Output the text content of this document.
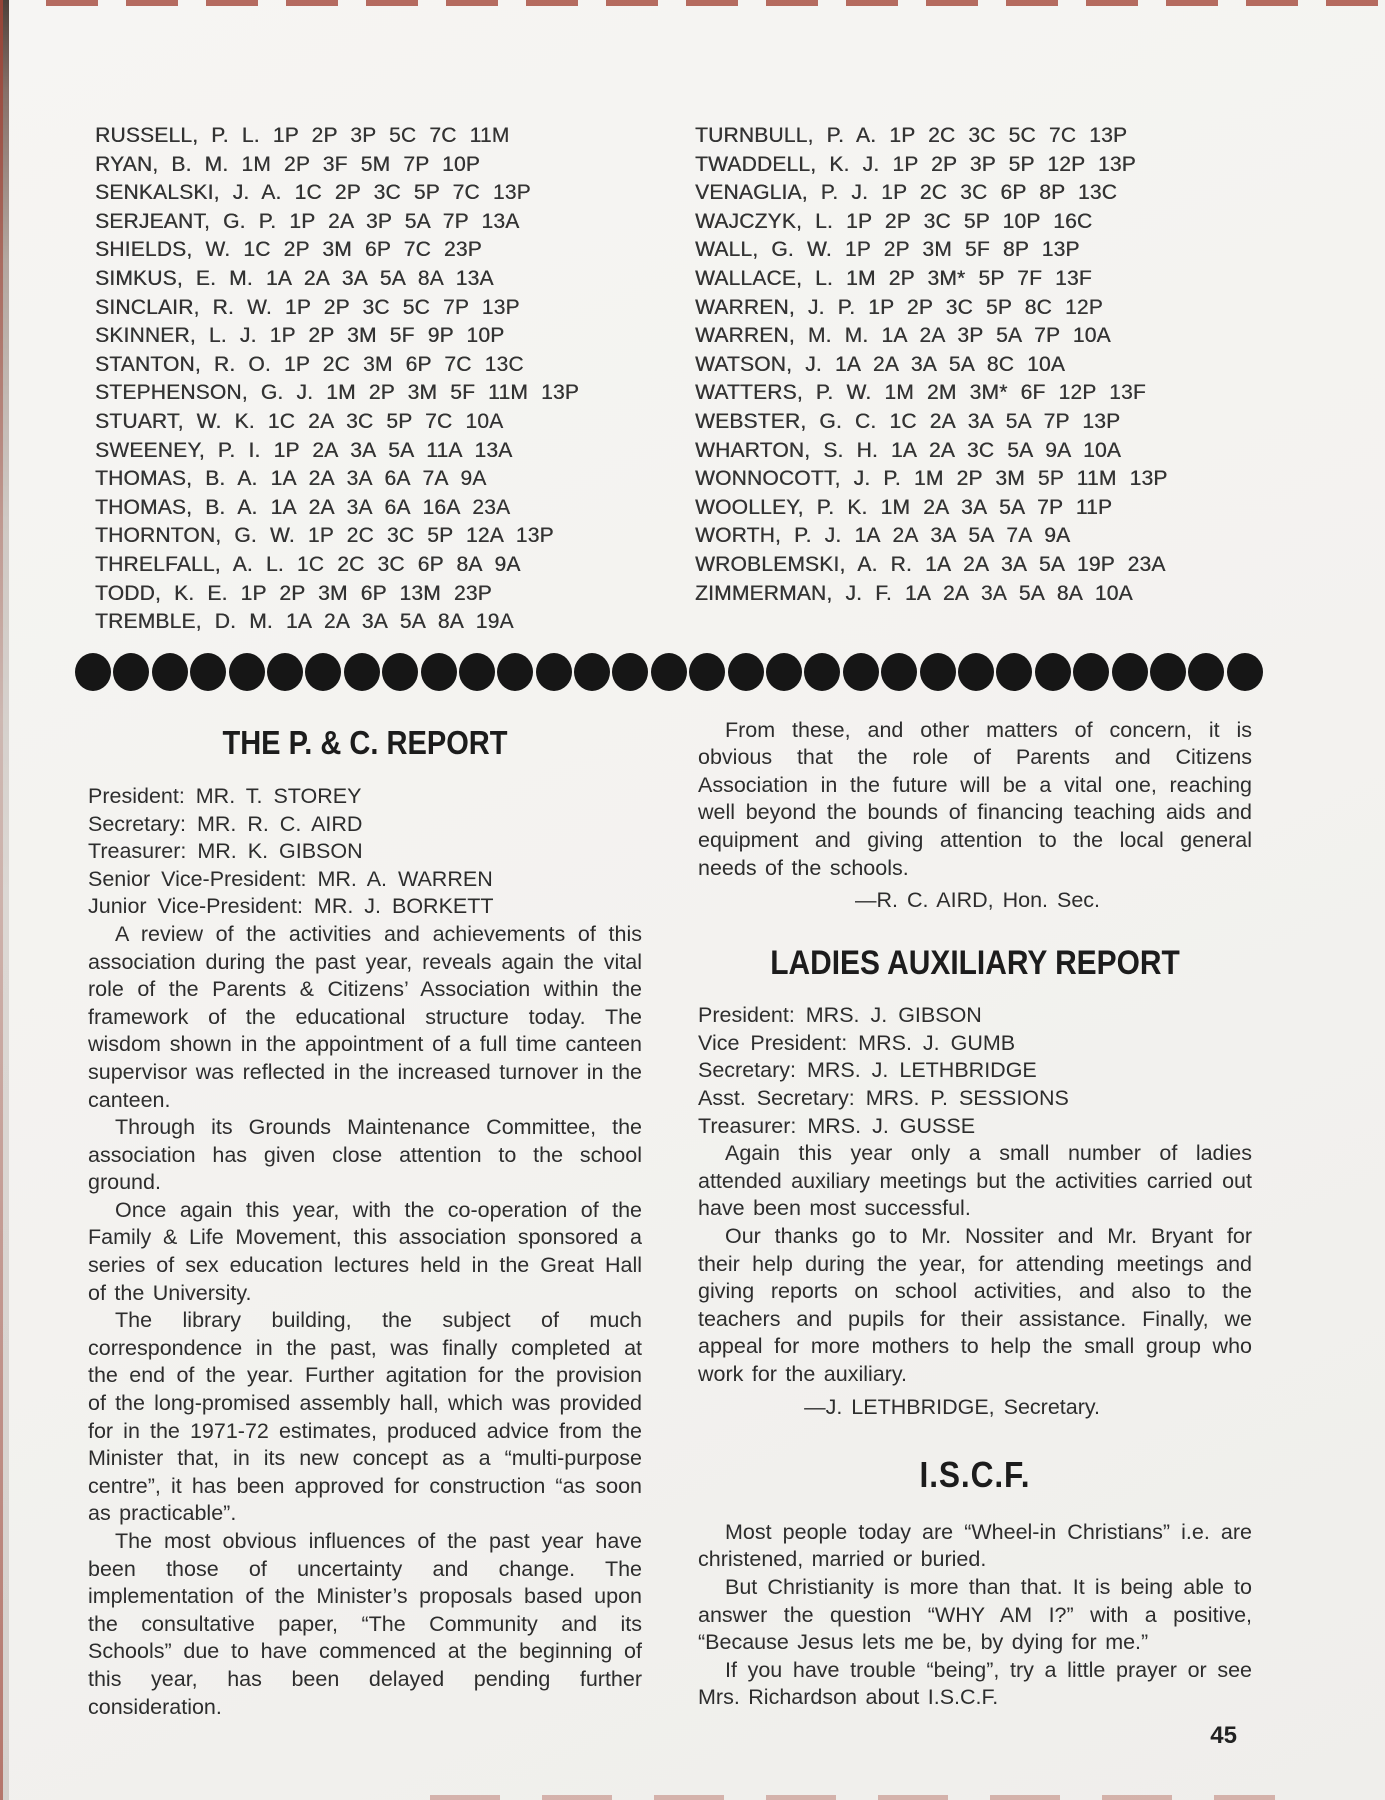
RUSSELL, P. L. 1P 2P 3P 5C 7C 11M
RYAN, B. M. 1M 2P 3F 5M 7P 10P
SENKALSKI, J. A. 1C 2P 3C 5P 7C 13P
SERJEANT, G. P. 1P 2A 3P 5A 7P 13A
SHIELDS, W. 1C 2P 3M 6P 7C 23P
SIMKUS, E. M. 1A 2A 3A 5A 8A 13A
SINCLAIR, R. W. 1P 2P 3C 5C 7P 13P
SKINNER, L. J. 1P 2P 3M 5F 9P 10P
STANTON, R. O. 1P 2C 3M 6P 7C 13C
STEPHENSON, G. J. 1M 2P 3M 5F 11M 13P
STUART, W. K. 1C 2A 3C 5P 7C 10A
SWEENEY, P. I. 1P 2A 3A 5A 11A 13A
THOMAS, B. A. 1A 2A 3A 6A 7A 9A
THOMAS, B. A. 1A 2A 3A 6A 16A 23A
THORNTON, G. W. 1P 2C 3C 5P 12A 13P
THRELFALL, A. L. 1C 2C 3C 6P 8A 9A
TODD, K. E. 1P 2P 3M 6P 13M 23P
TREMBLE, D. M. 1A 2A 3A 5A 8A 19A
TURNBULL, P. A. 1P 2C 3C 5C 7C 13P
TWADDELL, K. J. 1P 2P 3P 5P 12P 13P
VENAGLIA, P. J. 1P 2C 3C 6P 8P 13C
WAJCZYK, L. 1P 2P 3C 5P 10P 16C
WALL, G. W. 1P 2P 3M 5F 8P 13P
WALLACE, L. 1M 2P 3M* 5P 7F 13F
WARREN, J. P. 1P 2P 3C 5P 8C 12P
WARREN, M. M. 1A 2A 3P 5A 7P 10A
WATSON, J. 1A 2A 3A 5A 8C 10A
WATTERS, P. W. 1M 2M 3M* 6F 12P 13F
WEBSTER, G. C. 1C 2A 3A 5A 7P 13P
WHARTON, S. H. 1A 2A 3C 5A 9A 10A
WONNOCOTT, J. P. 1M 2P 3M 5P 11M 13P
WOOLLEY, P. K. 1M 2A 3A 5A 7P 11P
WORTH, P. J. 1A 2A 3A 5A 7A 9A
WROBLEMSKI, A. R. 1A 2A 3A 5A 19P 23A
ZIMMERMAN, J. F. 1A 2A 3A 5A 8A 10A
THE P. & C. REPORT
President: MR. T. STOREY
Secretary: MR. R. C. AIRD
Treasurer: MR. K. GIBSON
Senior Vice-President: MR. A. WARREN
Junior Vice-President: MR. J. BORKETT

A review of the activities and achievements of this association during the past year, reveals again the vital role of the Parents & Citizens’ Association within the framework of the educational structure today. The wisdom shown in the appointment of a full time canteen supervisor was reflected in the increased turnover in the canteen.

Through its Grounds Maintenance Committee, the association has given close attention to the school ground.

Once again this year, with the co-operation of the Family & Life Movement, this association sponsored a series of sex education lectures held in the Great Hall of the University.

The library building, the subject of much correspondence in the past, was finally completed at the end of the year. Further agitation for the provision of the long-promised assembly hall, which was provided for in the 1971-72 estimates, produced advice from the Minister that, in its new concept as a “multi-purpose centre”, it has been approved for construction “as soon as practicable”.

The most obvious influences of the past year have been those of uncertainty and change. The implementation of the Minister’s proposals based upon the consultative paper, “The Community and its Schools” due to have commenced at the beginning of this year, has been delayed pending further consideration.

From these, and other matters of concern, it is obvious that the role of Parents and Citizens Association in the future will be a vital one, reaching well beyond the bounds of financing teaching aids and equipment and giving attention to the local general needs of the schools.

—R. C. AIRD, Hon. Sec.
LADIES AUXILIARY REPORT
President: MRS. J. GIBSON
Vice President: MRS. J. GUMB
Secretary: MRS. J. LETHBRIDGE
Asst. Secretary: MRS. P. SESSIONS
Treasurer: MRS. J. GUSSE

Again this year only a small number of ladies attended auxiliary meetings but the activities carried out have been most successful.

Our thanks go to Mr. Nossiter and Mr. Bryant for their help during the year, for attending meetings and giving reports on school activities, and also to the teachers and pupils for their assistance. Finally, we appeal for more mothers to help the small group who work for the auxiliary.

—J. LETHBRIDGE, Secretary.
I.S.C.F.

Most people today are “Wheel-in Christians” i.e. are christened, married or buried.

But Christianity is more than that. It is being able to answer the question “WHY AM I?” with a positive, “Because Jesus lets me be, by dying for me.”

If you have trouble “being”, try a little prayer or see Mrs. Richardson about I.S.C.F.

45
